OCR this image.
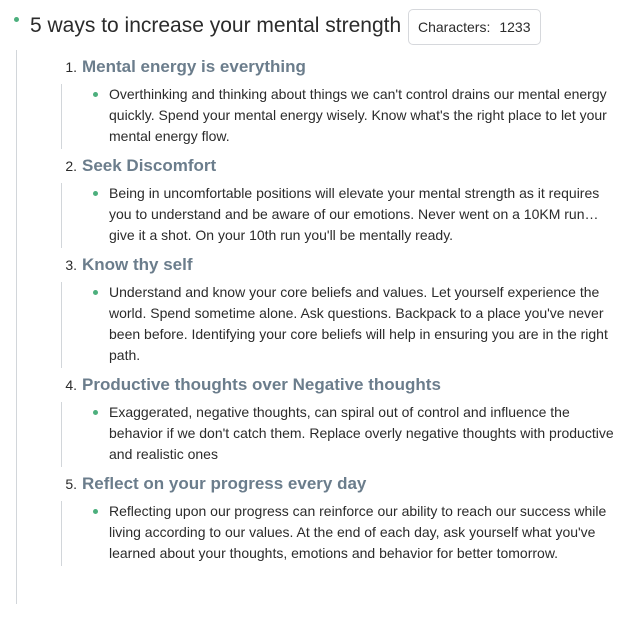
5 ways to increase your mental strength Characters: 1233
1. Mental energy is everything
Overthinking and thinking about things we can't control drains our mental energy quickly. Spend your mental energy wisely. Know what's the right place to let your mental energy flow.
2. Seek Discomfort
Being in uncomfortable positions will elevate your mental strength as it requires you to understand and be aware of our emotions. Never went on a 10KM run… give it a shot. On your 10th run you'll be mentally ready.
3. Know thy self
Understand and know your core beliefs and values. Let yourself experience the world. Spend sometime alone. Ask questions. Backpack to a place you've never been before. Identifying your core beliefs will help in ensuring you are in the right path.
4. Productive thoughts over Negative thoughts
Exaggerated, negative thoughts, can spiral out of control and influence the behavior if we don't catch them. Replace overly negative thoughts with productive and realistic ones
5. Reflect on your progress every day
Reflecting upon our progress can reinforce our ability to reach our success while living according to our values. At the end of each day, ask yourself what you've learned about your thoughts, emotions and behavior for better tomorrow.
